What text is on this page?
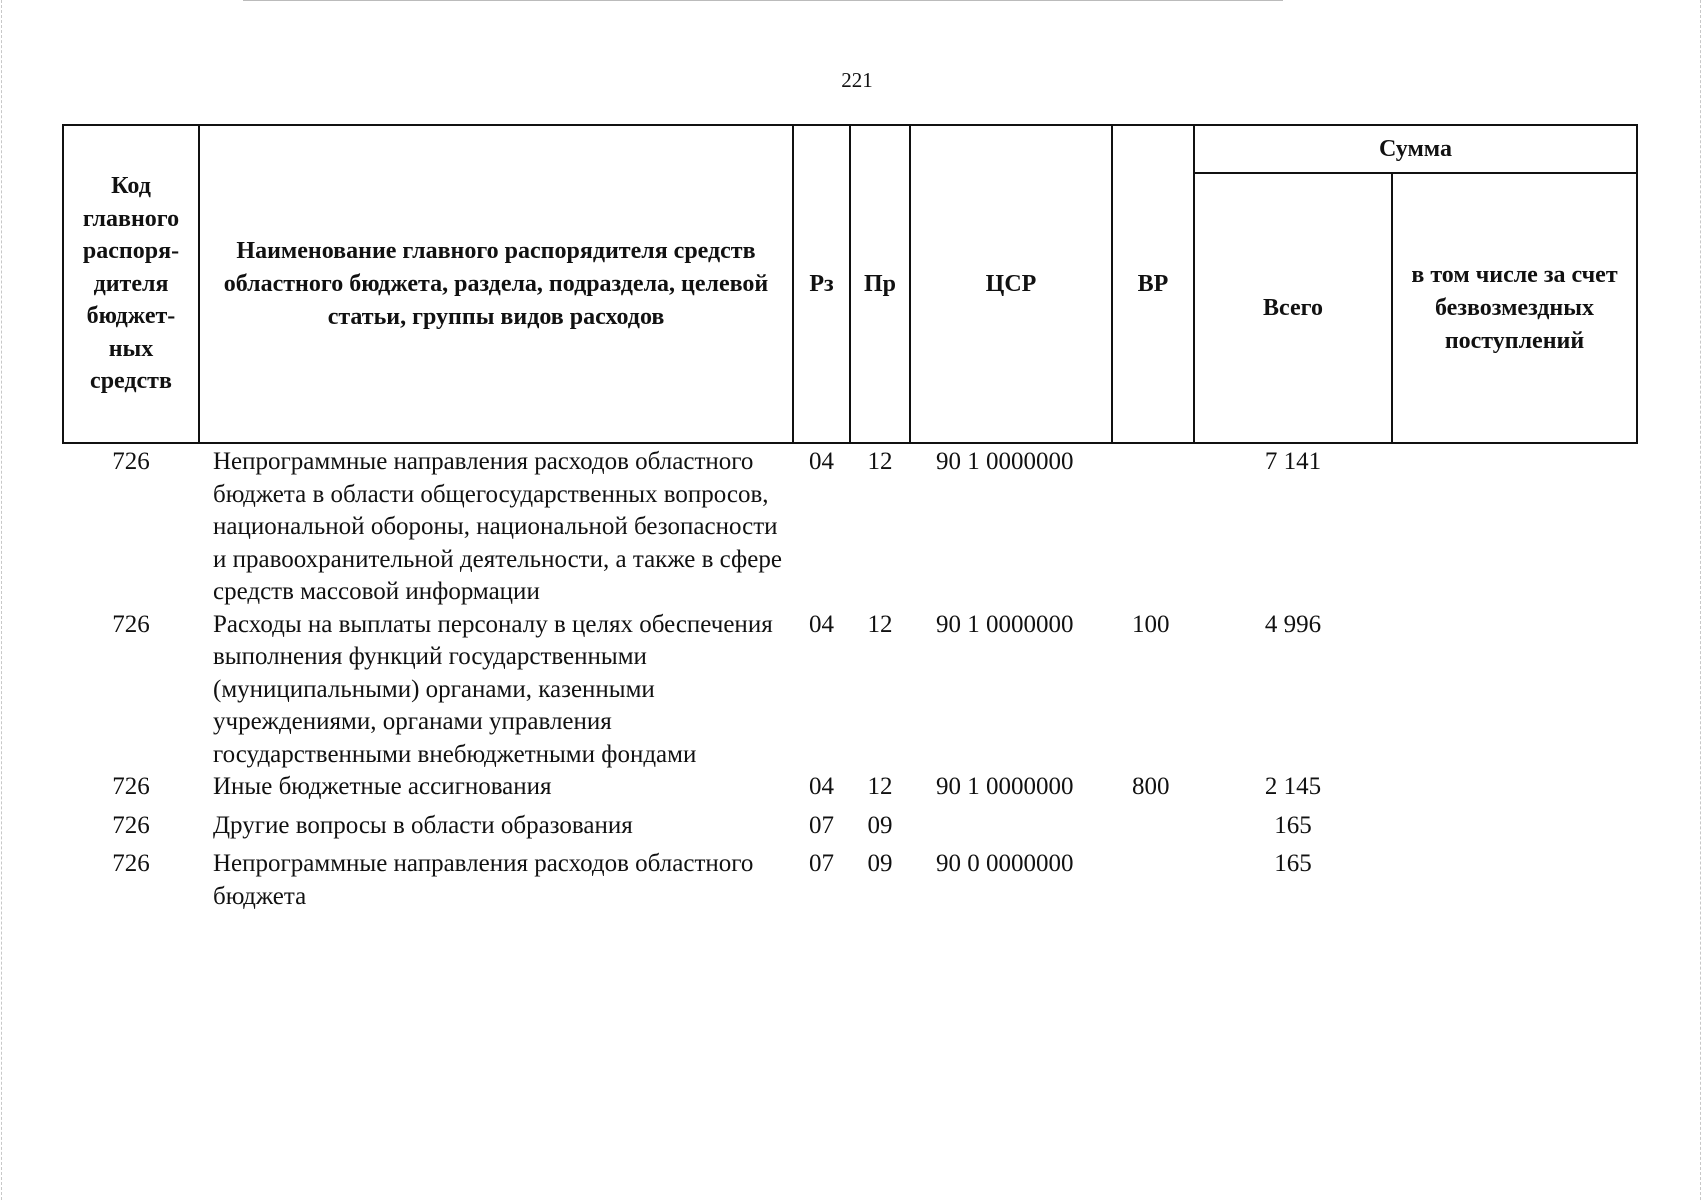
221
Код главного распоря-дителя бюджет-ных средств	Наименование главного распорядителя средств областного бюджета, раздела, подраздела, целевой статьи, группы видов расходов	Рз	Пр	ЦСР	ВР	Сумма	
						Всего	в том числе за счет безвозмездных поступлений
726	Непрограммные направления расходов областного бюджета в области общегосударственных вопросов, национальной обороны, национальной безопасности и правоохранительной деятельности, а также в сфере средств массовой информации	04	12	90 1 0000000		7 141	
726	Расходы на выплаты персоналу в целях обеспечения выполнения функций государственными (муниципальными) органами, казенными учреждениями, органами управления государственными внебюджетными фондами	04	12	90 1 0000000	100	4 996	
726	Иные бюджетные ассигнования	04	12	90 1 0000000	800	2 145	
726	Другие вопросы в области образования	07	09			165	
726	Непрограммные направления расходов областного бюджета	07	09	90 0 0000000		165	
